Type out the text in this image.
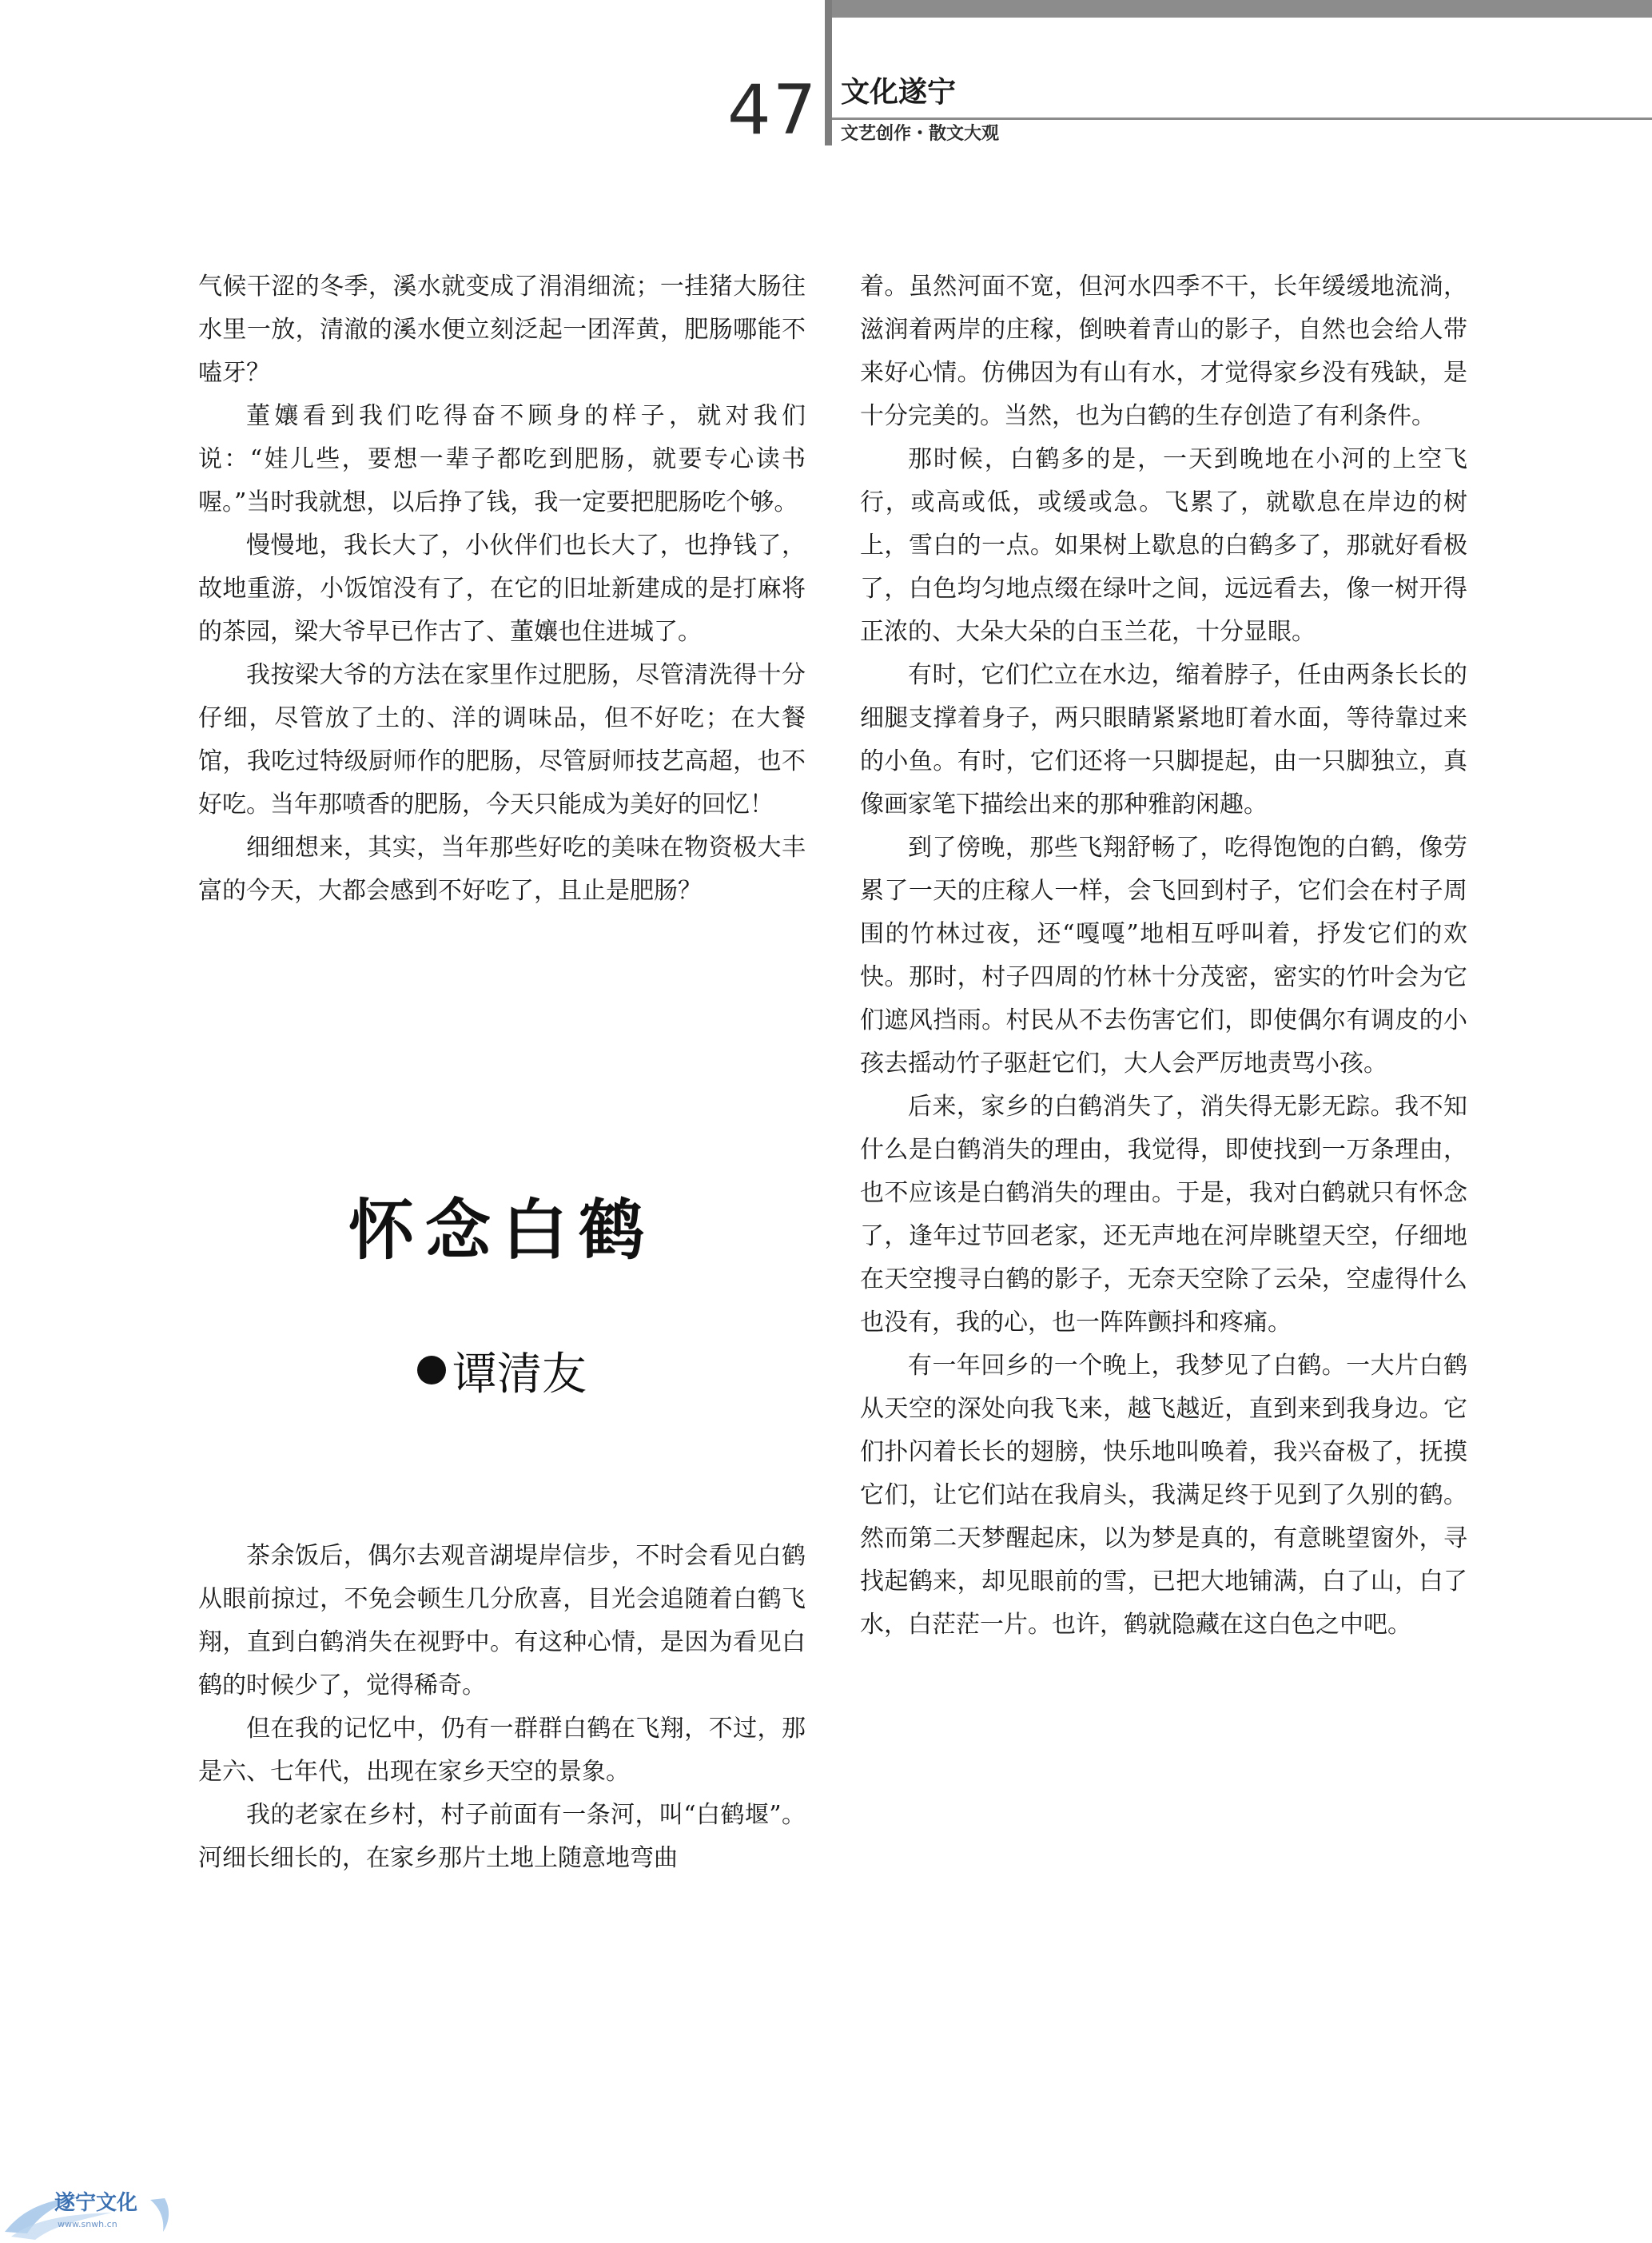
47 文化遂宁
文艺创作・散文大观

气候干涩的冬季，溪水就变成了涓涓细流；一挂猪大肠往水里一放，清澈的溪水便立刻泛起一团浑黄，肥肠哪能不嗑牙？

董孃看到我们吃得奋不顾身的样子，就对我们说：“娃儿些，要想一辈子都吃到肥肠，就要专心读书喔。”当时我就想，以后挣了钱，我一定要把肥肠吃个够。

慢慢地，我长大了，小伙伴们也长大了，也挣钱了，故地重游，小饭馆没有了，在它的旧址新建成的是打麻将的茶园，梁大爷早已作古了、董孃也住进城了。

我按梁大爷的方法在家里作过肥肠，尽管清洗得十分仔细，尽管放了土的、洋的调味品，但不好吃；在大餐馆，我吃过特级厨师作的肥肠，尽管厨师技艺高超，也不好吃。当年那喷香的肥肠，今天只能成为美好的回忆！

细细想来，其实，当年那些好吃的美味在物资极大丰富的今天，大都会感到不好吃了，且止是肥肠？

怀念白鹤
谭清友

茶余饭后，偶尔去观音湖堤岸信步，不时会看见白鹤从眼前掠过，不免会顿生几分欣喜，目光会追随着白鹤飞翔，直到白鹤消失在视野中。有这种心情，是因为看见白鹤的时候少了，觉得稀奇。

但在我的记忆中，仍有一群群白鹤在飞翔，不过，那是六、七年代，出现在家乡天空的景象。

我的老家在乡村，村子前面有一条河，叫“白鹤堰”。河细长细长的，在家乡那片土地上随意地弯曲

着。虽然河面不宽，但河水四季不干，长年缓缓地流淌，滋润着两岸的庄稼，倒映着青山的影子，自然也会给人带来好心情。仿佛因为有山有水，才觉得家乡没有残缺，是十分完美的。当然，也为白鹤的生存创造了有利条件。

那时候，白鹤多的是，一天到晚地在小河的上空飞行，或高或低，或缓或急。飞累了，就歇息在岸边的树上，雪白的一点。如果树上歇息的白鹤多了，那就好看极了，白色均匀地点缀在绿叶之间，远远看去，像一树开得正浓的、大朵大朵的白玉兰花，十分显眼。

有时，它们伫立在水边，缩着脖子，任由两条长长的细腿支撑着身子，两只眼睛紧紧地盯着水面，等待靠过来的小鱼。有时，它们还将一只脚提起，由一只脚独立，真像画家笔下描绘出来的那种雅韵闲趣。

到了傍晚，那些飞翔舒畅了，吃得饱饱的白鹤，像劳累了一天的庄稼人一样，会飞回到村子，它们会在村子周围的竹林过夜，还“嘎嘎”地相互呼叫着，抒发它们的欢快。那时，村子四周的竹林十分茂密，密实的竹叶会为它们遮风挡雨。村民从不去伤害它们，即使偶尔有调皮的小孩去摇动竹子驱赶它们，大人会严厉地责骂小孩。

后来，家乡的白鹤消失了，消失得无影无踪。我不知什么是白鹤消失的理由，我觉得，即使找到一万条理由，也不应该是白鹤消失的理由。于是，我对白鹤就只有怀念了，逢年过节回老家，还无声地在河岸眺望天空，仔细地在天空搜寻白鹤的影子，无奈天空除了云朵，空虚得什么也没有，我的心，也一阵阵颤抖和疼痛。

有一年回乡的一个晚上，我梦见了白鹤。一大片白鹤从天空的深处向我飞来，越飞越近，直到来到我身边。它们扑闪着长长的翅膀，快乐地叫唤着，我兴奋极了，抚摸它们，让它们站在我肩头，我满足终于见到了久别的鹤。然而第二天梦醒起床，以为梦是真的，有意眺望窗外，寻找起鹤来，却见眼前的雪，已把大地铺满，白了山，白了水，白茫茫一片。也许，鹤就隐藏在这白色之中吧。

遂宁文化
www.snwh.cn
